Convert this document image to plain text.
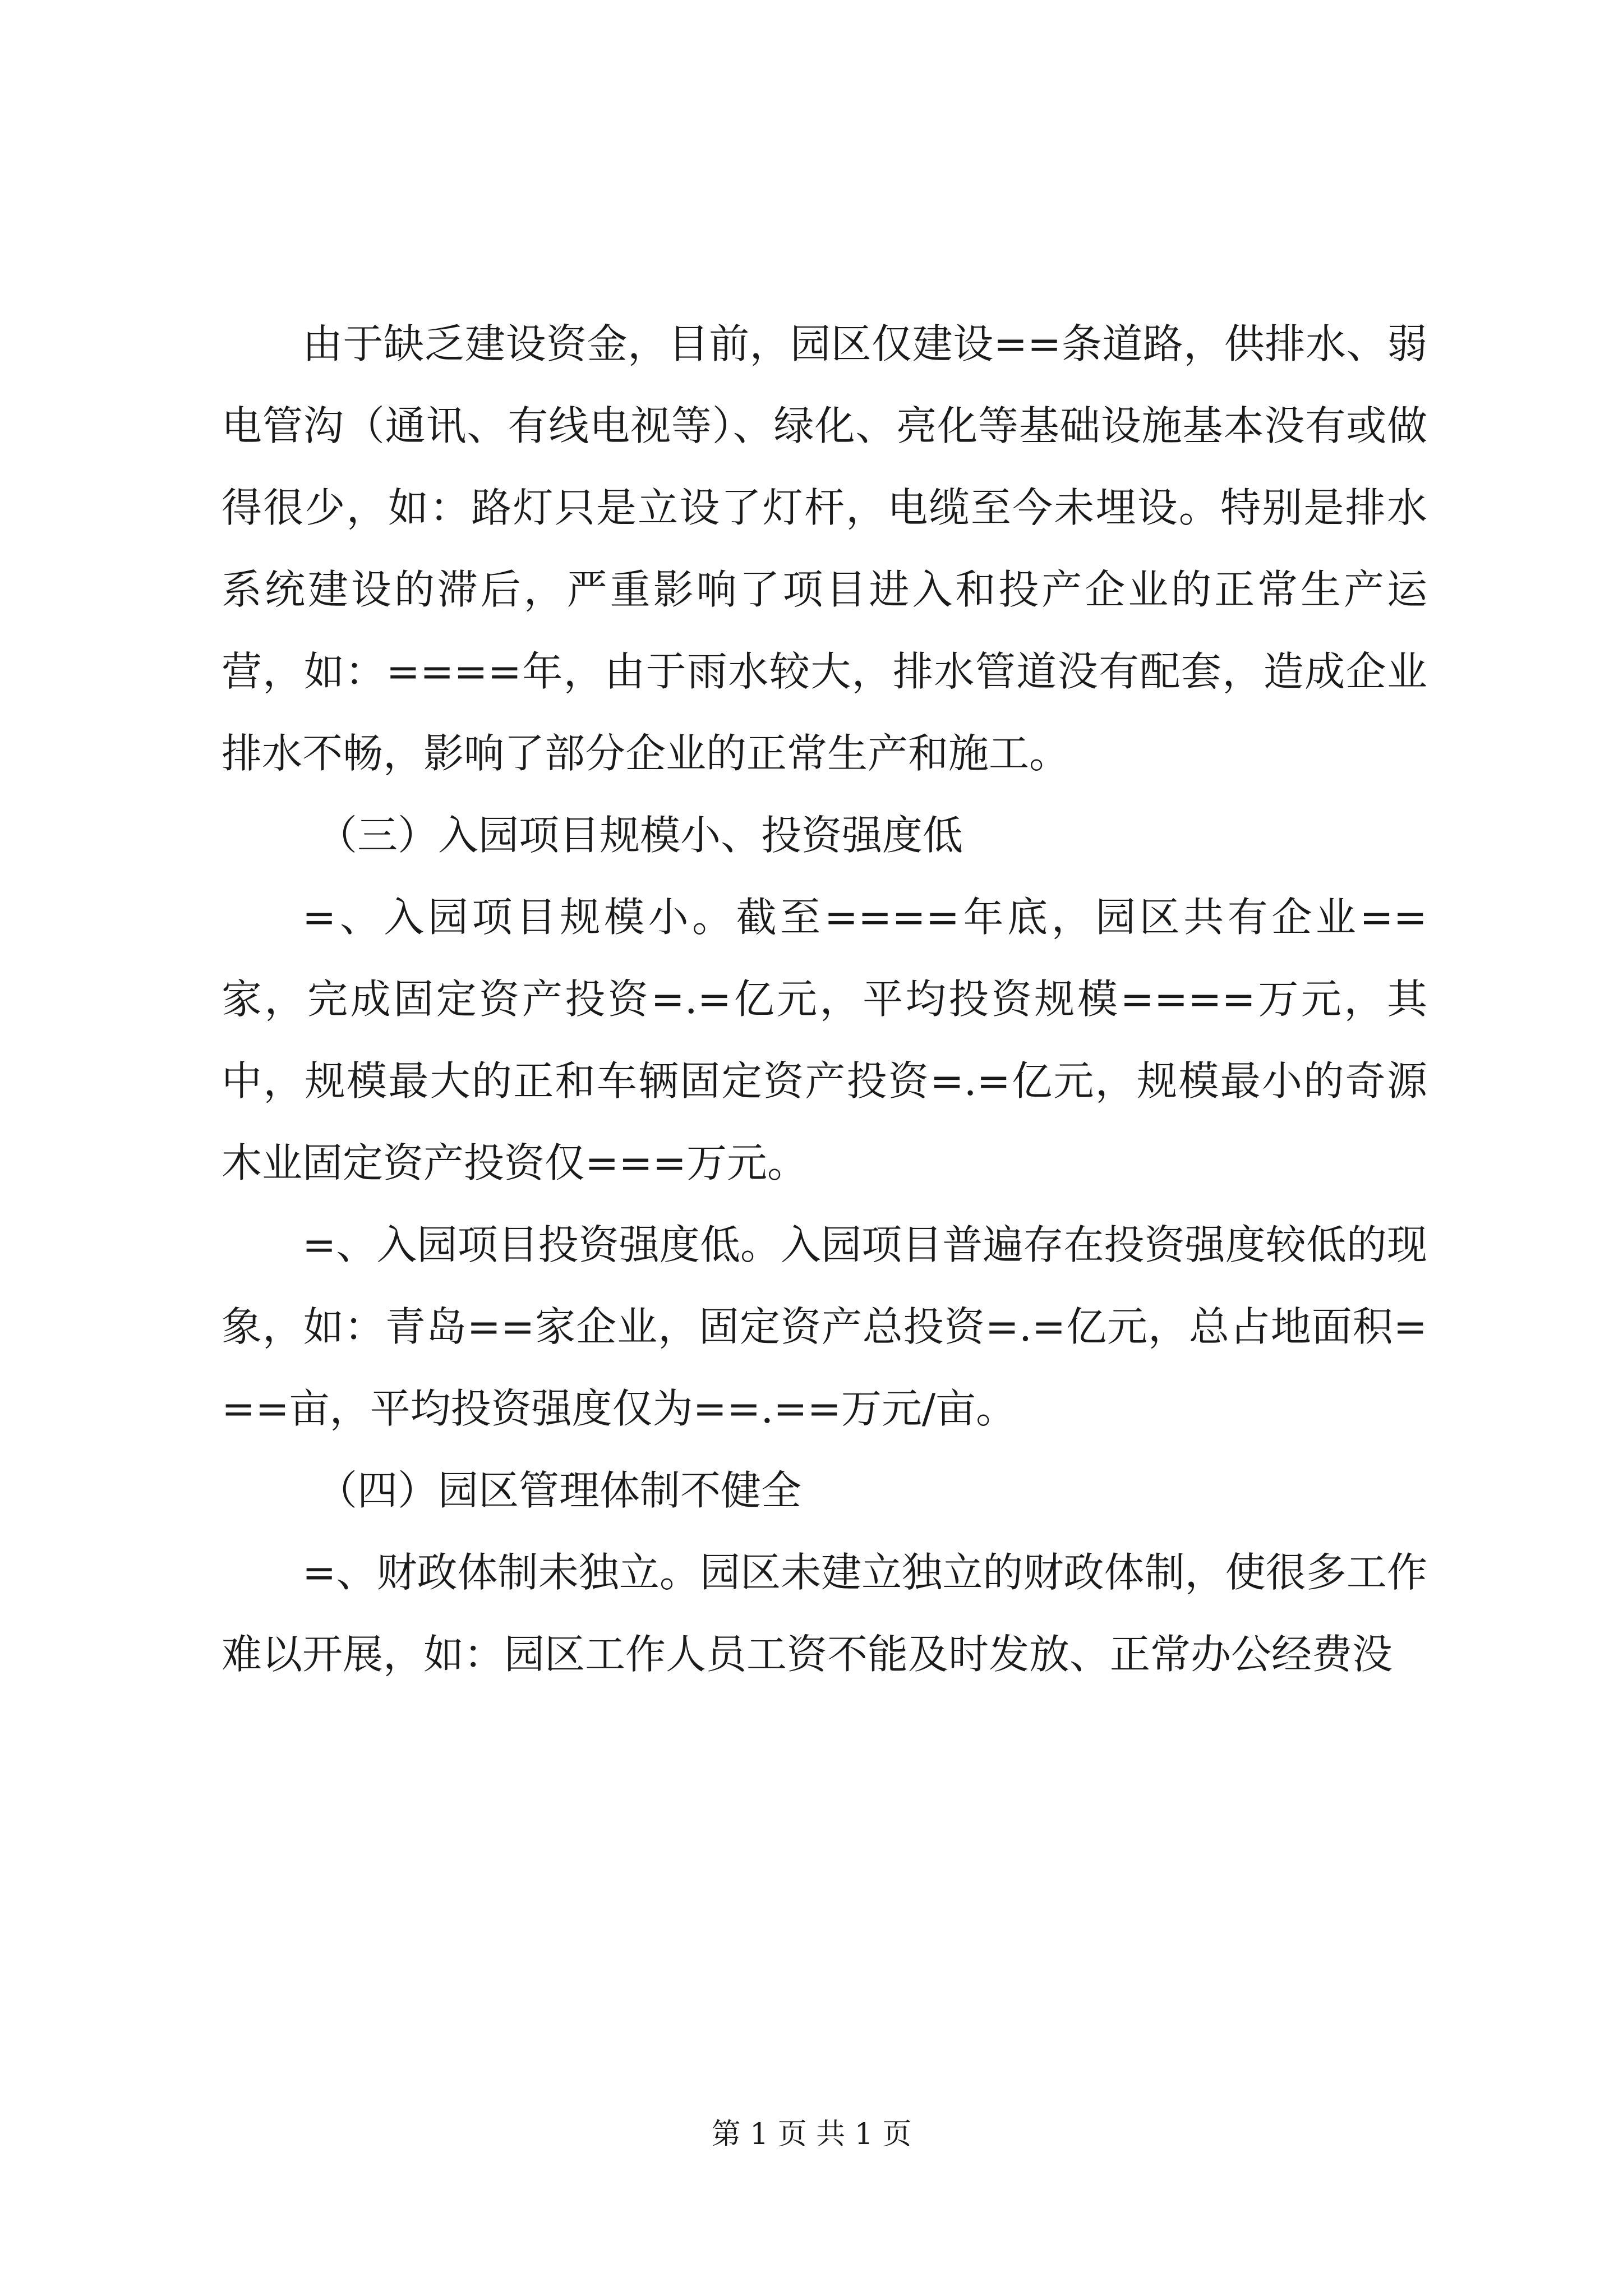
由于缺乏建设资金，目前，园区仅建设==条道路，供排水、弱电管沟（通讯、有线电视等）、绿化、亮化等基础设施基本没有或做得很少，如：路灯只是立设了灯杆，电缆至今未埋设。特别是排水系统建设的滞后，严重影响了项目进入和投产企业的正常生产运营，如：====年，由于雨水较大，排水管道没有配套，造成企业排水不畅，影响了部分企业的正常生产和施工。

（三）入园项目规模小、投资强度低

=、入园项目规模小。截至====年底，园区共有企业==家，完成固定资产投资=.=亿元，平均投资规模====万元，其中，规模最大的正和车辆固定资产投资=.=亿元，规模最小的奇源木业固定资产投资仅===万元。

=、入园项目投资强度低。入园项目普遍存在投资强度较低的现象，如：青岛==家企业，固定资产总投资=.=亿元，总占地面积===亩，平均投资强度仅为==.==万元/亩。

（四）园区管理体制不健全

=、财政体制未独立。园区未建立独立的财政体制，使很多工作难以开展，如：园区工作人员工资不能及时发放、正常办公经费没

第 1 页 共 1 页
